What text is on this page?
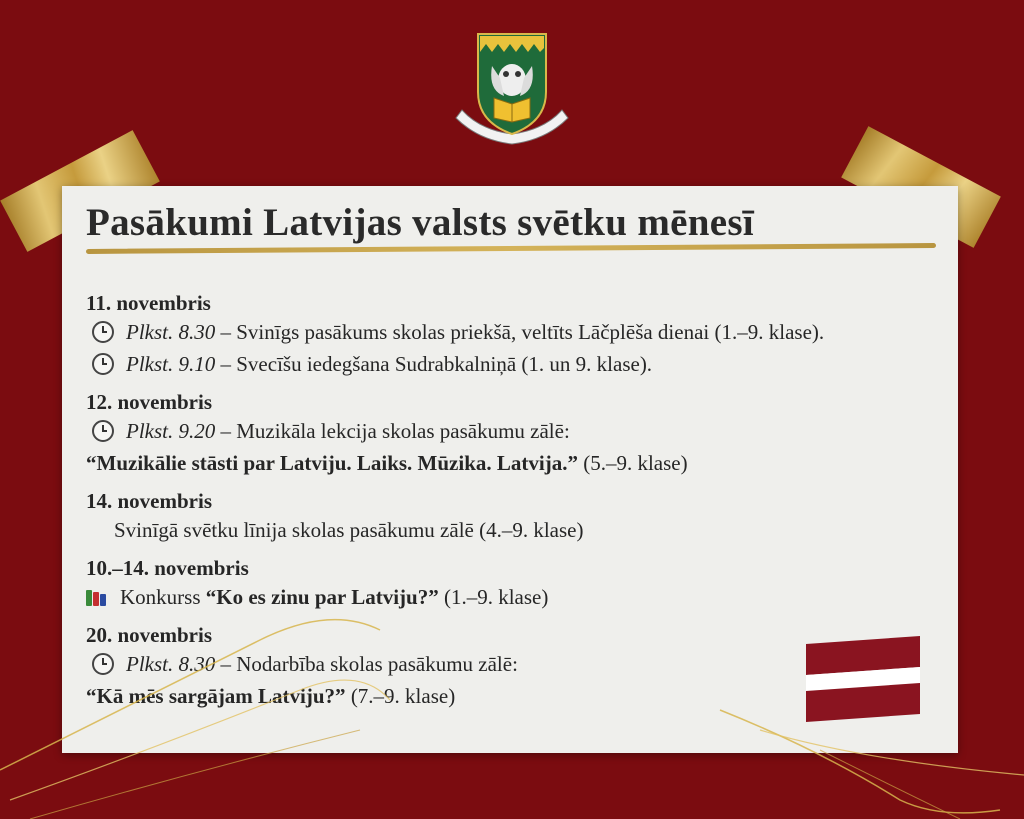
Pasākumi Latvijas valsts svētku mēnesī
11. novembris
Plkst. 8.30 – Svinīgs pasākums skolas priekšā, veltīts Lāčplēša dienai (1.–9. klase).
Plkst. 9.10 – Svecīšu iedegšana Sudrabkalniņā (1. un 9. klase).
12. novembris
Plkst. 9.20 – Muzikāla lekcija skolas pasākumu zālē:
“Muzikālie stāsti par Latviju. Laiks. Mūzika. Latvija.” (5.–9. klase)
14. novembris
Svinīgā svētku līnija skolas pasākumu zālē (4.–9. klase)
10.–14. novembris
Konkurss “Ko es zinu par Latviju?” (1.–9. klase)
20. novembris
Plkst. 8.30 – Nodarbība skolas pasākumu zālē:
“Kā mēs sargājam Latviju?” (7.–9. klase)
